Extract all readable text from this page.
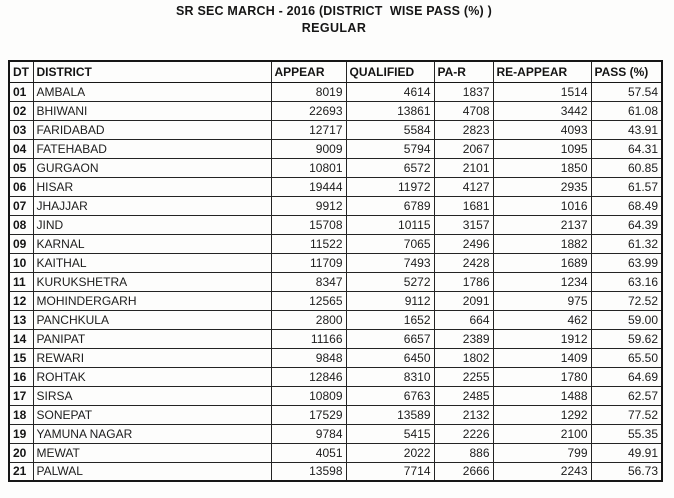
SR SEC MARCH - 2016 (DISTRICT  WISE PASS (%) )
REGULAR
DT	DISTRICT	APPEAR	QUALIFIED	PA-R	RE-APPEAR	PASS (%)
01	AMBALA	8019	4614	1837	1514	57.54
02	BHIWANI	22693	13861	4708	3442	61.08
03	FARIDABAD	12717	5584	2823	4093	43.91
04	FATEHABAD	9009	5794	2067	1095	64.31
05	GURGAON	10801	6572	2101	1850	60.85
06	HISAR	19444	11972	4127	2935	61.57
07	JHAJJAR	9912	6789	1681	1016	68.49
08	JIND	15708	10115	3157	2137	64.39
09	KARNAL	11522	7065	2496	1882	61.32
10	KAITHAL	11709	7493	2428	1689	63.99
11	KURUKSHETRA	8347	5272	1786	1234	63.16
12	MOHINDERGARH	12565	9112	2091	975	72.52
13	PANCHKULA	2800	1652	664	462	59.00
14	PANIPAT	11166	6657	2389	1912	59.62
15	REWARI	9848	6450	1802	1409	65.50
16	ROHTAK	12846	8310	2255	1780	64.69
17	SIRSA	10809	6763	2485	1488	62.57
18	SONEPAT	17529	13589	2132	1292	77.52
19	YAMUNA NAGAR	9784	5415	2226	2100	55.35
20	MEWAT	4051	2022	886	799	49.91
21	PALWAL	13598	7714	2666	2243	56.73
